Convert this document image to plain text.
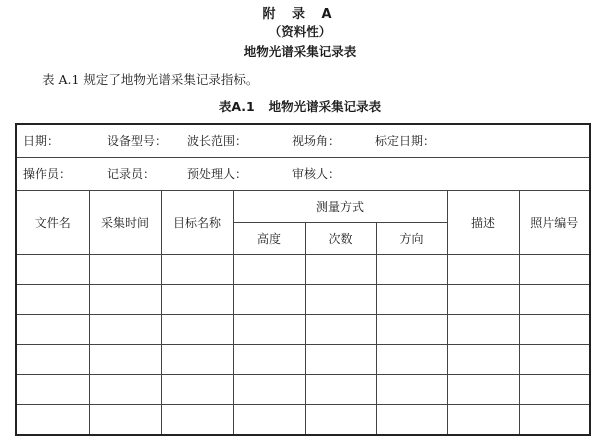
附 录 A
（资料性）
地物光谱采集记录表
表 A.1 规定了地物光谱采集记录指标。
表A.1 地物光谱采集记录表
日期： 设备型号： 波长范围： 视场角： 标定日期：							

操作员： 记录员： 预处理人： 审核人：							

文件名	采集时间	目标名称	测量方式			描述	照片编号
			高度	次数	方向		
